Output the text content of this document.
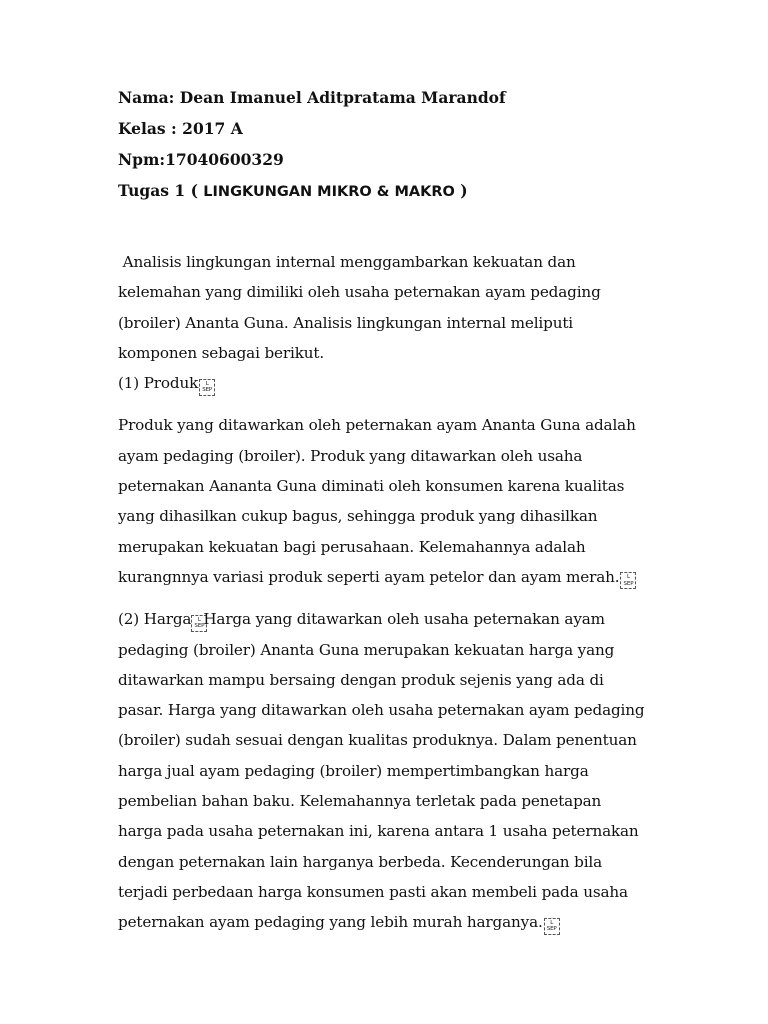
Nama: Dean Imanuel Aditpratama Marandof

Kelas : 2017 A

Npm:17040600329

Tugas 1 ( LINGKUNGAN MIKRO & MAKRO )

Analisis lingkungan internal menggambarkan kekuatan dan
kelemahan yang dimiliki oleh usaha peternakan ayam pedaging
(broiler) Ananta Guna. Analisis lingkungan internal meliputi
komponen sebagai berikut.
(1) Produk L
SEP

Produk yang ditawarkan oleh peternakan ayam Ananta Guna adalah
ayam pedaging (broiler). Produk yang ditawarkan oleh usaha
peternakan Aananta Guna diminati oleh konsumen karena kualitas
yang dihasilkan cukup bagus, sehingga produk yang dihasilkan
merupakan kekuatan bagi perusahaan. Kelemahannya adalah
kurangnnya variasi produk seperti ayam petelor dan ayam merah. L
SEP

(2) Harga L
SEPHarga yang ditawarkan oleh usaha peternakan ayam
pedaging (broiler) Ananta Guna merupakan kekuatan harga yang
ditawarkan mampu bersaing dengan produk sejenis yang ada di
pasar. Harga yang ditawarkan oleh usaha peternakan ayam pedaging
(broiler) sudah sesuai dengan kualitas produknya. Dalam penentuan
harga jual ayam pedaging (broiler) mempertimbangkan harga
pembelian bahan baku. Kelemahannya terletak pada penetapan
harga pada usaha peternakan ini, karena antara 1 usaha peternakan
dengan peternakan lain harganya berbeda. Kecenderungan bila
terjadi perbedaan harga konsumen pasti akan membeli pada usaha
peternakan ayam pedaging yang lebih murah harganya. L
SEP
